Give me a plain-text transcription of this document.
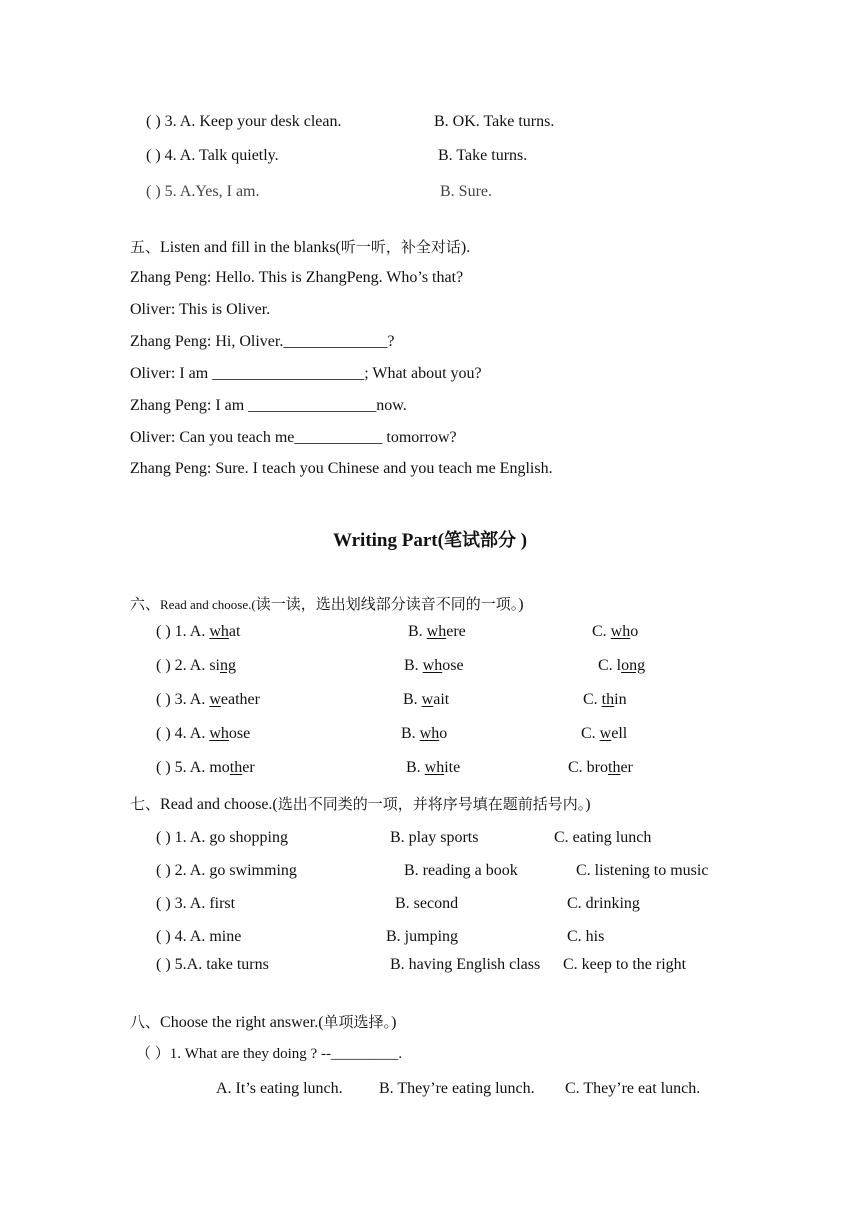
( ) 3. A. Keep your desk clean.	B. OK. Take turns.
( ) 4. A. Talk quietly.	B. Take turns.
( ) 5. A.Yes, I am.	B. Sure.
五、Listen and fill in the blanks(听一听，补全对话).
Zhang Peng: Hello. This is ZhangPeng. Who’s that?
Oliver: This is Oliver.
Zhang Peng: Hi, Oliver._____________?
Oliver: I am ___________________; What about you?
Zhang Peng: I am ________________now.
Oliver: Can you teach me___________ tomorrow?
Zhang Peng: Sure. I teach you Chinese and you teach me English.
Writing Part(笔试部分 )
六、Read and choose.(读一读，选出划线部分读音不同的一项。)
( ) 1. A. what	B. where	C. who
( ) 2. A. sing	B. whose	C. long
( ) 3. A. weather	B. wait	C. thin
( ) 4. A. whose	B. who	C. well
( ) 5. A. mother	B. white	C. brother
七、Read and choose.(选出不同类的一项，并将序号填在题前括号内。)
( ) 1. A. go shopping	B. play sports	C. eating lunch
( ) 2. A. go swimming	B. reading a book	C. listening to music
( ) 3. A. first	B. second	C. drinking
( ) 4. A. mine	B. jumping	C. his
( ) 5.A. take turns	B. having English class C. keep to the right
八、Choose the right answer.(单项选择。)
（ ）1. What are they doing ? --_________.
A. It’s eating lunch. B. They’re eating lunch. C. They’re eat lunch.
